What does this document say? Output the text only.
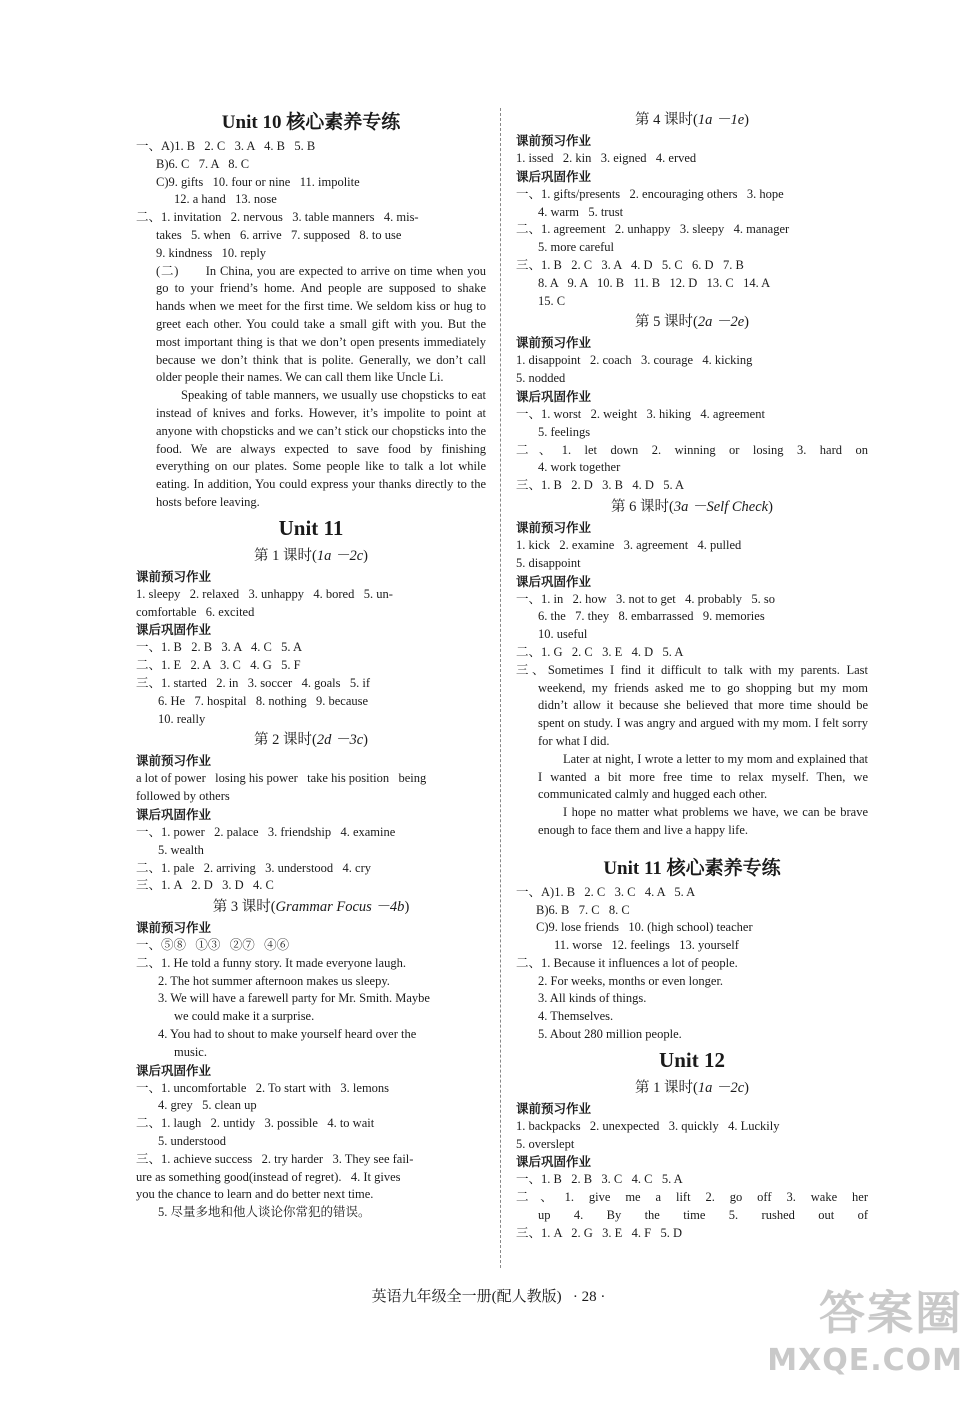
Unit 10 核心素养专练
一、A)1. B   2. C   3. A   4. B   5. B
B)6. C   7. A   8. C
C)9. gifts   10. four or nine   11. impolite
12. a hand   13. nose
二、1. invitation   2. nervous   3. table manners   4. mis-
takes   5. when   6. arrive   7. supposed   8. to use
9. kindness   10. reply
(二)　　In China, you are expected to arrive on time when you go to your friend’s home. And people are supposed to shake hands when we meet for the first time. We seldom kiss or hug to greet each other. You could take a small gift with you. But the most important thing is that we don’t open presents immediately because we don’t think that is polite. Generally, we don’t call older people their names. We can call them like Uncle Li.
Speaking of table manners, we usually use chopsticks to eat instead of knives and forks. However, it’s impolite to point at anyone with chopsticks and we can’t stick our chopsticks into the food. We are always expected to save food by finishing everything on our plates. Some people like to talk a lot while eating. In addition, You could express your thanks directly to the hosts before leaving.
Unit 11
第 1 课时(1a －2c)
课前预习作业
1. sleepy   2. relaxed   3. unhappy   4. bored   5. un-
comfortable   6. excited
课后巩固作业
一、1. B   2. B   3. A   4. C   5. A
二、1. E   2. A   3. C   4. G   5. F
三、1. started   2. in   3. soccer   4. goals   5. if
6. He   7. hospital   8. nothing   9. because
10. really
第 2 课时(2d －3c)
课前预习作业
a lot of power   losing his power   take his position   being
followed by others
课后巩固作业
一、1. power   2. palace   3. friendship   4. examine
5. wealth
二、1. pale   2. arriving   3. understood   4. cry
三、1. A   2. D   3. D   4. C
第 3 课时(Grammar Focus －4b)
课前预习作业
一、⑤⑧   ①③   ②⑦   ④⑥
二、1. He told a funny story. It made everyone laugh.
2. The hot summer afternoon makes us sleepy.
3. We will have a farewell party for Mr. Smith. Maybe
we could make it a surprise.
4. You had to shout to make yourself heard over the
music.
课后巩固作业
一、1. uncomfortable   2. To start with   3. lemons
4. grey   5. clean up
二、1. laugh   2. untidy   3. possible   4. to wait
5. understood
三、1. achieve success   2. try harder   3. They see fail-
ure as something good(instead of regret).   4. It gives
you the chance to learn and do better next time.
5. 尽量多地和他人谈论你常犯的错误。
第 4 课时(1a －1e)
课前预习作业
1. issed   2. kin   3. eigned   4. erved
课后巩固作业
一、1. gifts/presents   2. encouraging others   3. hope
4. warm   5. trust
二、1. agreement   2. unhappy   3. sleepy   4. manager
5. more careful
三、1. B   2. C   3. A   4. D   5. C   6. D   7. B
8. A   9. A   10. B   11. B   12. D   13. C   14. A
15. C
第 5 课时(2a －2e)
课前预习作业
1. disappoint   2. coach   3. courage   4. kicking
5. nodded
课后巩固作业
一、1. worst   2. weight   3. hiking   4. agreement
5. feelings
二、1. let down 2. winning or losing 3. hard on
4. work together
三、1. B   2. D   3. B   4. D   5. A
第 6 课时(3a －Self Check)
课前预习作业
1. kick   2. examine   3. agreement   4. pulled
5. disappoint
课后巩固作业
一、1. in   2. how   3. not to get   4. probably   5. so
6. the   7. they   8. embarrassed   9. memories
10. useful
二、1. G   2. C   3. E   4. D   5. A
三、Sometimes I find it difficult to talk with my parents. Last weekend, my friends asked me to go shopping but my mom didn’t allow it because she believed that more time should be spent on study. I was angry and argued with my mom. I felt sorry for what I did.
Later at night, I wrote a letter to my mom and explained that I wanted a bit more free time to relax myself. Then, we communicated calmly and hugged each other.
I hope no matter what problems we have, we can be brave enough to face them and live a happy life.
Unit 11 核心素养专练
一、A)1. B   2. C   3. C   4. A   5. A
B)6. B   7. C   8. C
C)9. lose friends   10. (high school) teacher
11. worse   12. feelings   13. yourself
二、1. Because it influences a lot of people.
2. For weeks, months or even longer.
3. All kinds of things.
4. Themselves.
5. About 280 million people.
Unit 12
第 1 课时(1a －2c)
课前预习作业
1. backpacks   2. unexpected   3. quickly   4. Luckily
5. overslept
课后巩固作业
一、1. B   2. B   3. C   4. C   5. A
二、1. give me a lift 2. go off 3. wake her
up 4. By the time 5. rushed out of
三、1. A   2. G   3. E   4. F   5. D
英语九年级全一册(配人教版) · 28 ·	答案圈
MXQE.COM
